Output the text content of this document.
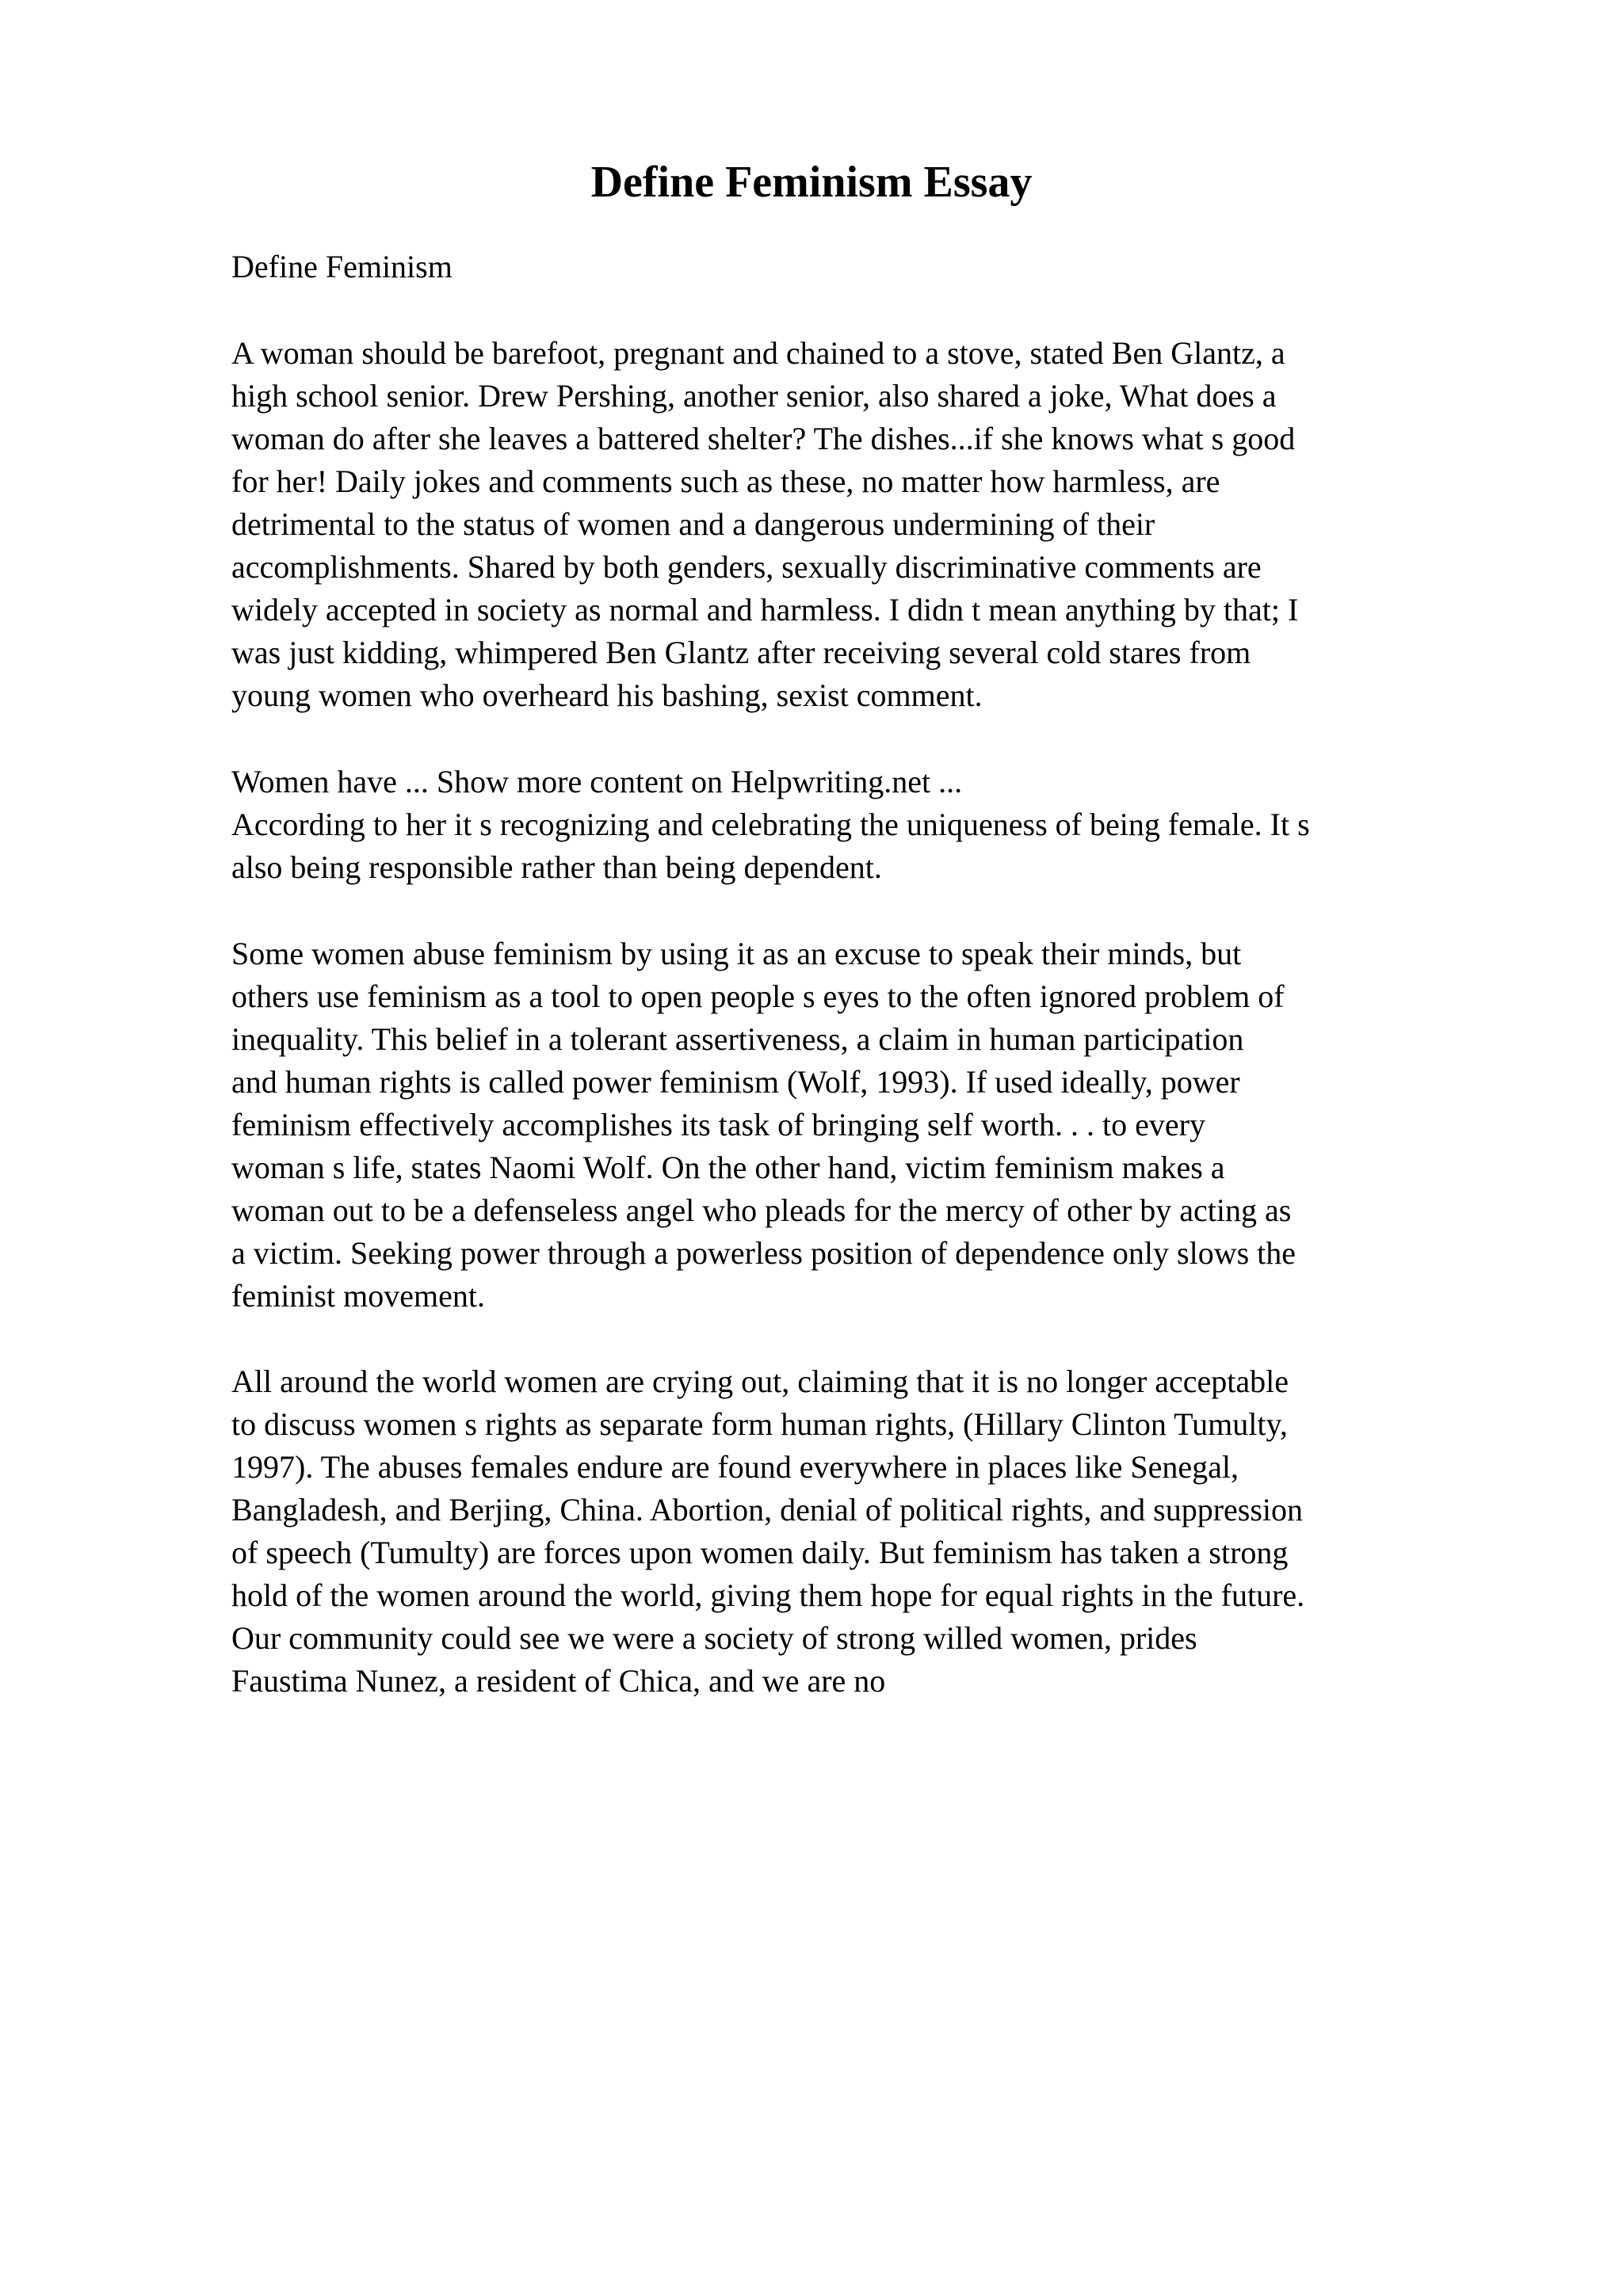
Define Feminism Essay

Define Feminism

A woman should be barefoot, pregnant and chained to a stove, stated Ben Glantz, a
high school senior. Drew Pershing, another senior, also shared a joke, What does a
woman do after she leaves a battered shelter? The dishes...if she knows what s good
for her! Daily jokes and comments such as these, no matter how harmless, are
detrimental to the status of women and a dangerous undermining of their
accomplishments. Shared by both genders, sexually discriminative comments are
widely accepted in society as normal and harmless. I didn t mean anything by that; I
was just kidding, whimpered Ben Glantz after receiving several cold stares from
young women who overheard his bashing, sexist comment.
Women have ... Show more content on Helpwriting.net ...
According to her it s recognizing and celebrating the uniqueness of being female. It s
also being responsible rather than being dependent.
Some women abuse feminism by using it as an excuse to speak their minds, but
others use feminism as a tool to open people s eyes to the often ignored problem of
inequality. This belief in a tolerant assertiveness, a claim in human participation
and human rights is called power feminism (Wolf, 1993). If used ideally, power
feminism effectively accomplishes its task of bringing self worth. . . to every
woman s life, states Naomi Wolf. On the other hand, victim feminism makes a
woman out to be a defenseless angel who pleads for the mercy of other by acting as
a victim. Seeking power through a powerless position of dependence only slows the
feminist movement.
All around the world women are crying out, claiming that it is no longer acceptable
to discuss women s rights as separate form human rights, (Hillary Clinton Tumulty,
1997). The abuses females endure are found everywhere in places like Senegal,
Bangladesh, and Berjing, China. Abortion, denial of political rights, and suppression
of speech (Tumulty) are forces upon women daily. But feminism has taken a strong
hold of the women around the world, giving them hope for equal rights in the future.
Our community could see we were a society of strong willed women, prides
Faustima Nunez, a resident of Chica, and we are no
